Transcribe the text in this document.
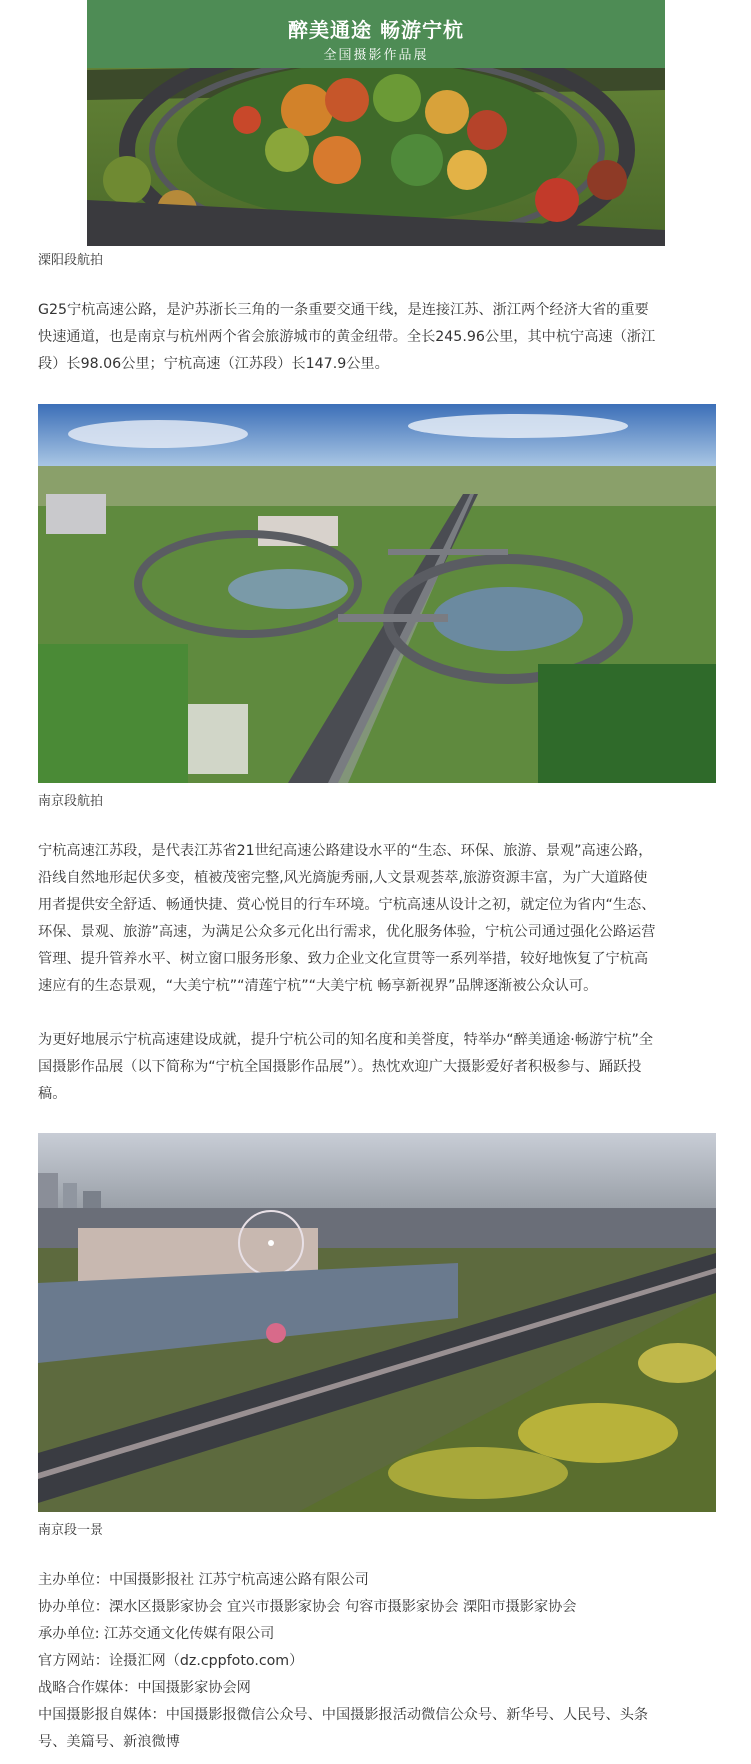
醉美通途 畅游宁杭
全国摄影作品展
溧阳段航拍
G25宁杭高速公路，是沪苏浙长三角的一条重要交通干线，是连接江苏、浙江两个经济大省的重要
快速通道，也是南京与杭州两个省会旅游城市的黄金纽带。全长245.96公里，其中杭宁高速（浙江
段）长98.06公里；宁杭高速（江苏段）长147.9公里。
南京段航拍
宁杭高速江苏段，是代表江苏省21世纪高速公路建设水平的“生态、环保、旅游、景观”高速公路，
沿线自然地形起伏多变，植被茂密完整,风光旖旎秀丽,人文景观荟萃,旅游资源丰富，为广大道路使
用者提供安全舒适、畅通快捷、赏心悦目的行车环境。宁杭高速从设计之初，就定位为省内“生态、
环保、景观、旅游”高速，为满足公众多元化出行需求，优化服务体验，宁杭公司通过强化公路运营
管理、提升管养水平、树立窗口服务形象、致力企业文化宣贯等一系列举措，较好地恢复了宁杭高
速应有的生态景观，“大美宁杭”“清莲宁杭”“大美宁杭 畅享新视界”品牌逐渐被公众认可。
为更好地展示宁杭高速建设成就，提升宁杭公司的知名度和美誉度，特举办“醉美通途·畅游宁杭”全
国摄影作品展（以下简称为“宁杭全国摄影作品展”）。热忱欢迎广大摄影爱好者积极参与、踊跃投
稿。
南京段一景
主办单位：中国摄影报社 江苏宁杭高速公路有限公司
协办单位：溧水区摄影家协会 宜兴市摄影家协会 句容市摄影家协会 溧阳市摄影家协会
承办单位: 江苏交通文化传媒有限公司
官方网站：诠摄汇网（dz.cppfoto.com）
战略合作媒体：中国摄影家协会网
中国摄影报自媒体：中国摄影报微信公众号、中国摄影报活动微信公众号、新华号、人民号、头条
号、美篇号、新浪微博
